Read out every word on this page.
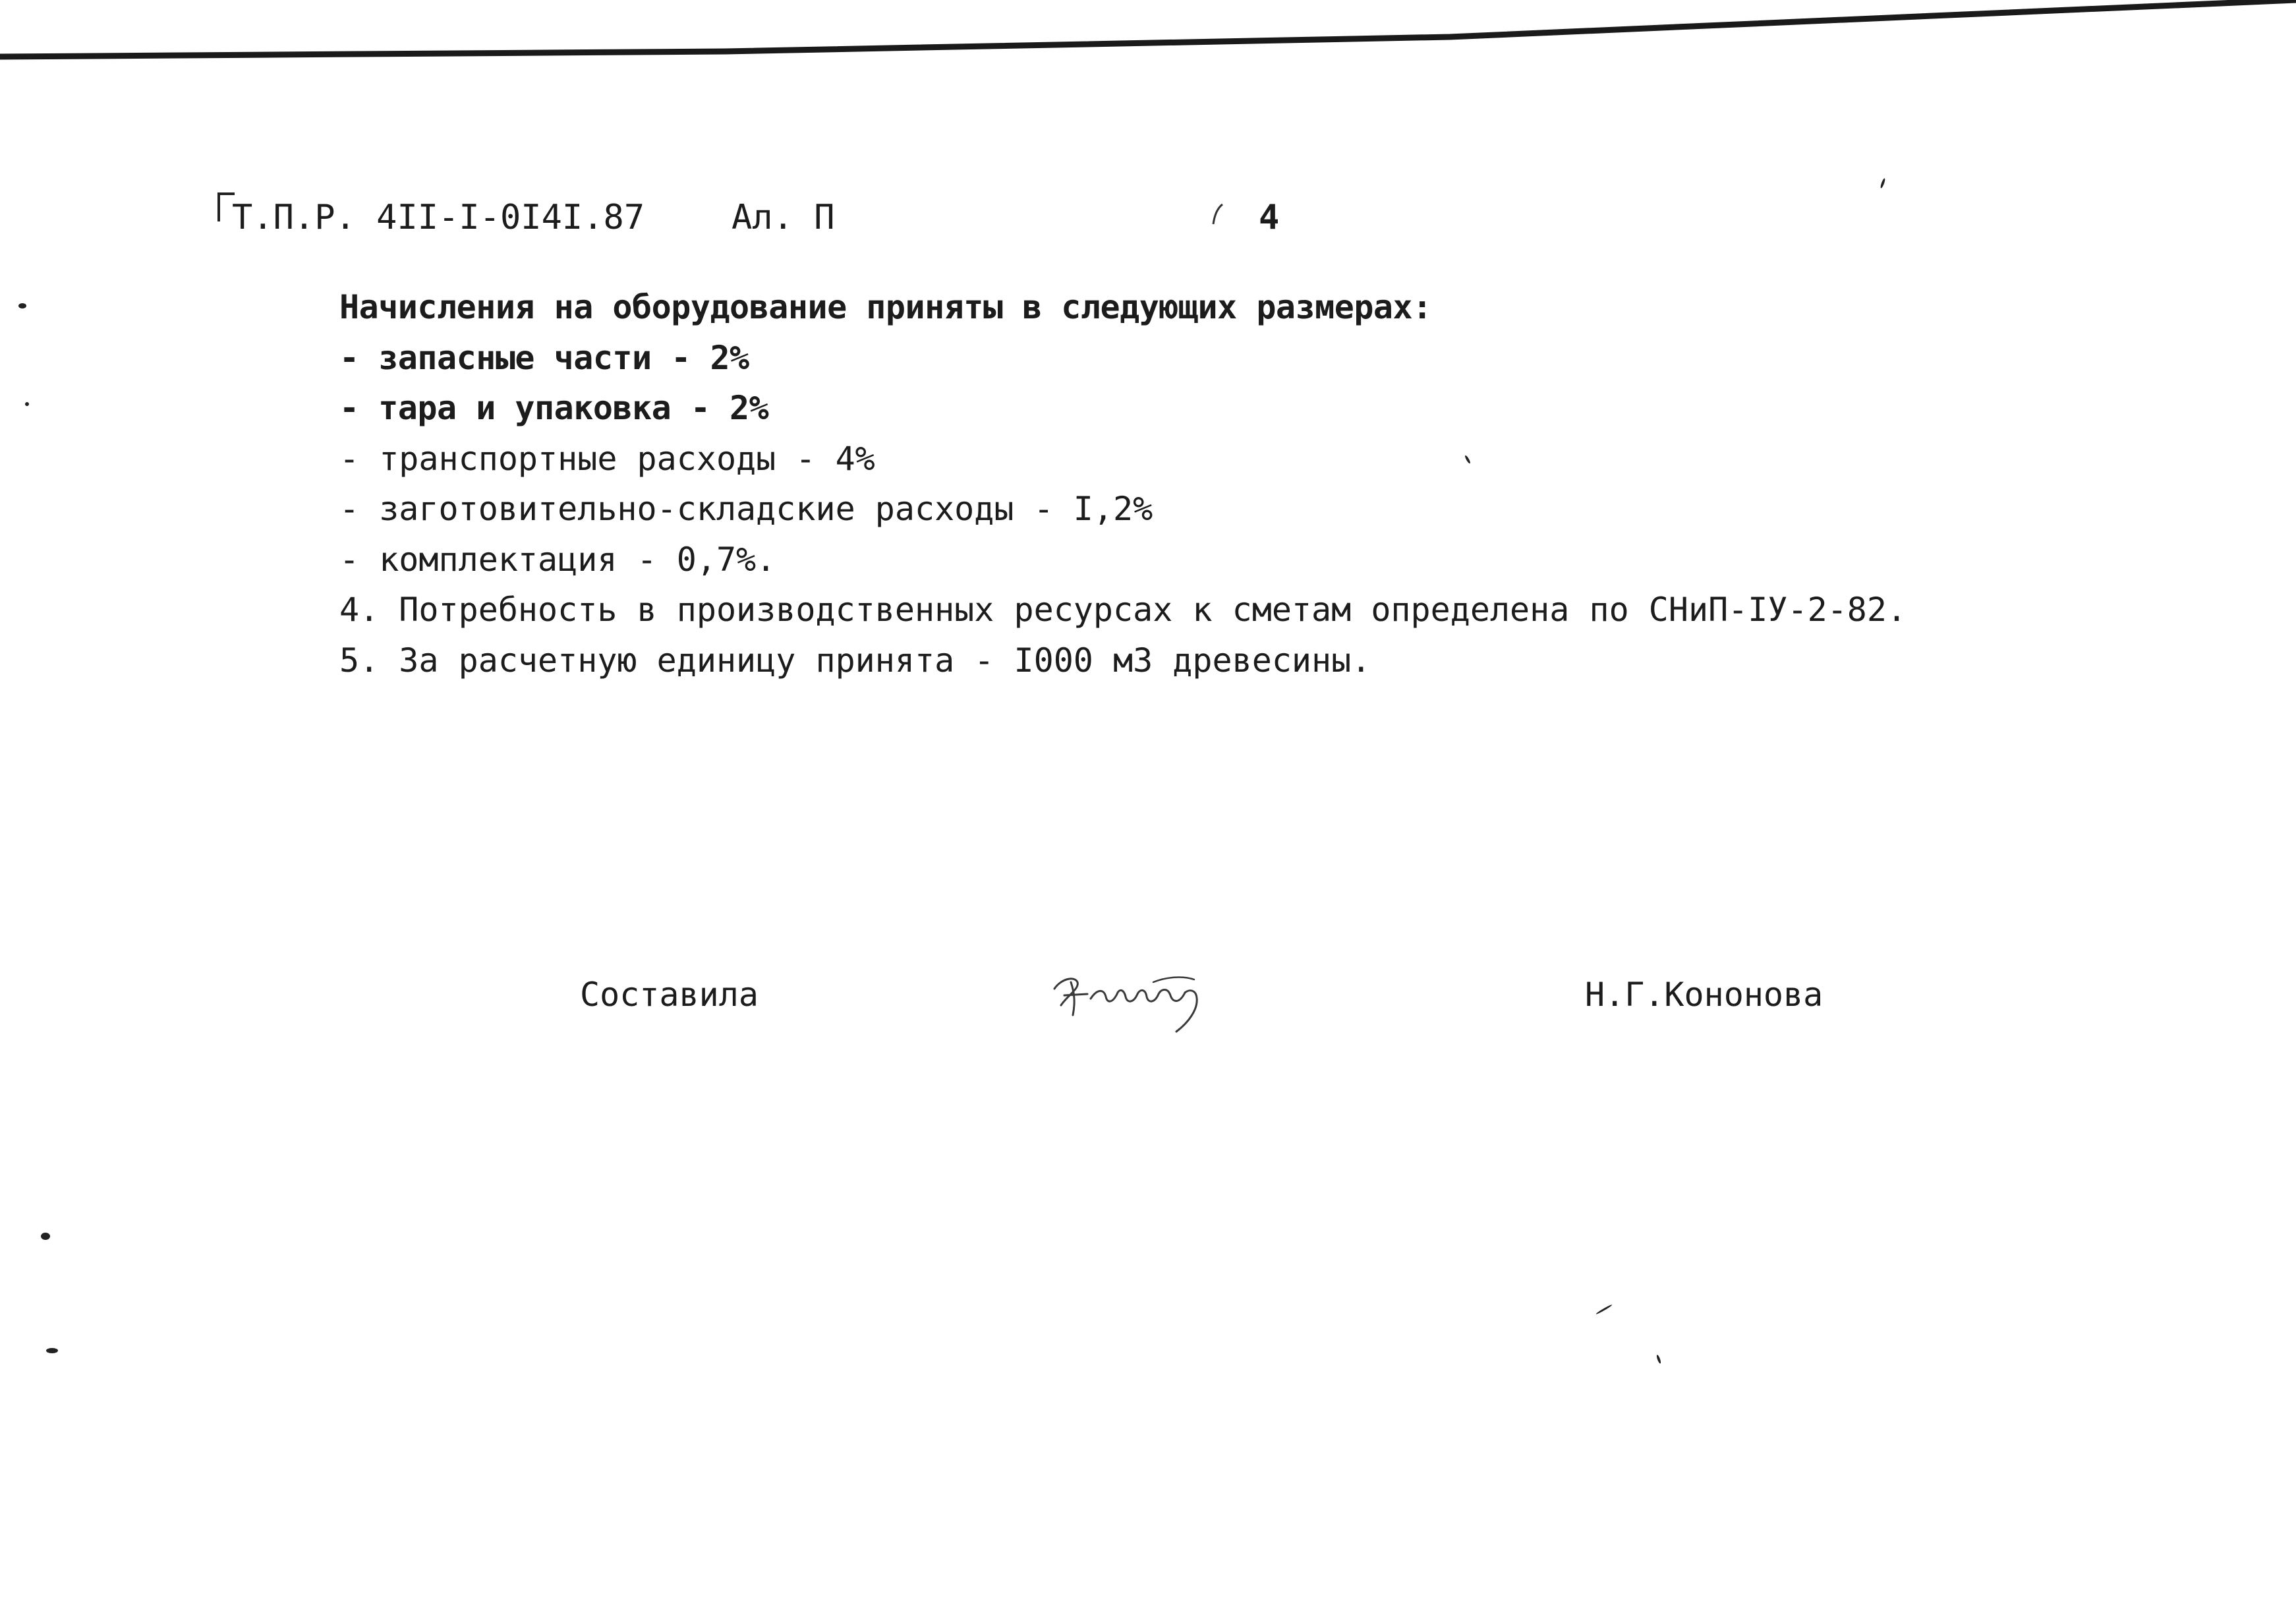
Т.П.Р. 4II-I-0I4I.87	Ал. П	4
Начисления на оборудование приняты в следующих размерах:
- запасные части - 2%
- тара и упаковка - 2%
- транспортные расходы - 4%
- заготовительно-складские расходы - I,2%
- комплектация - 0,7%.
4. Потребность в производственных ресурсах к сметам определена по СНиП-IУ-2-82.
5. За расчетную единицу принята - I000 м3 древесины.
Составила	Н.Г.Кононова
